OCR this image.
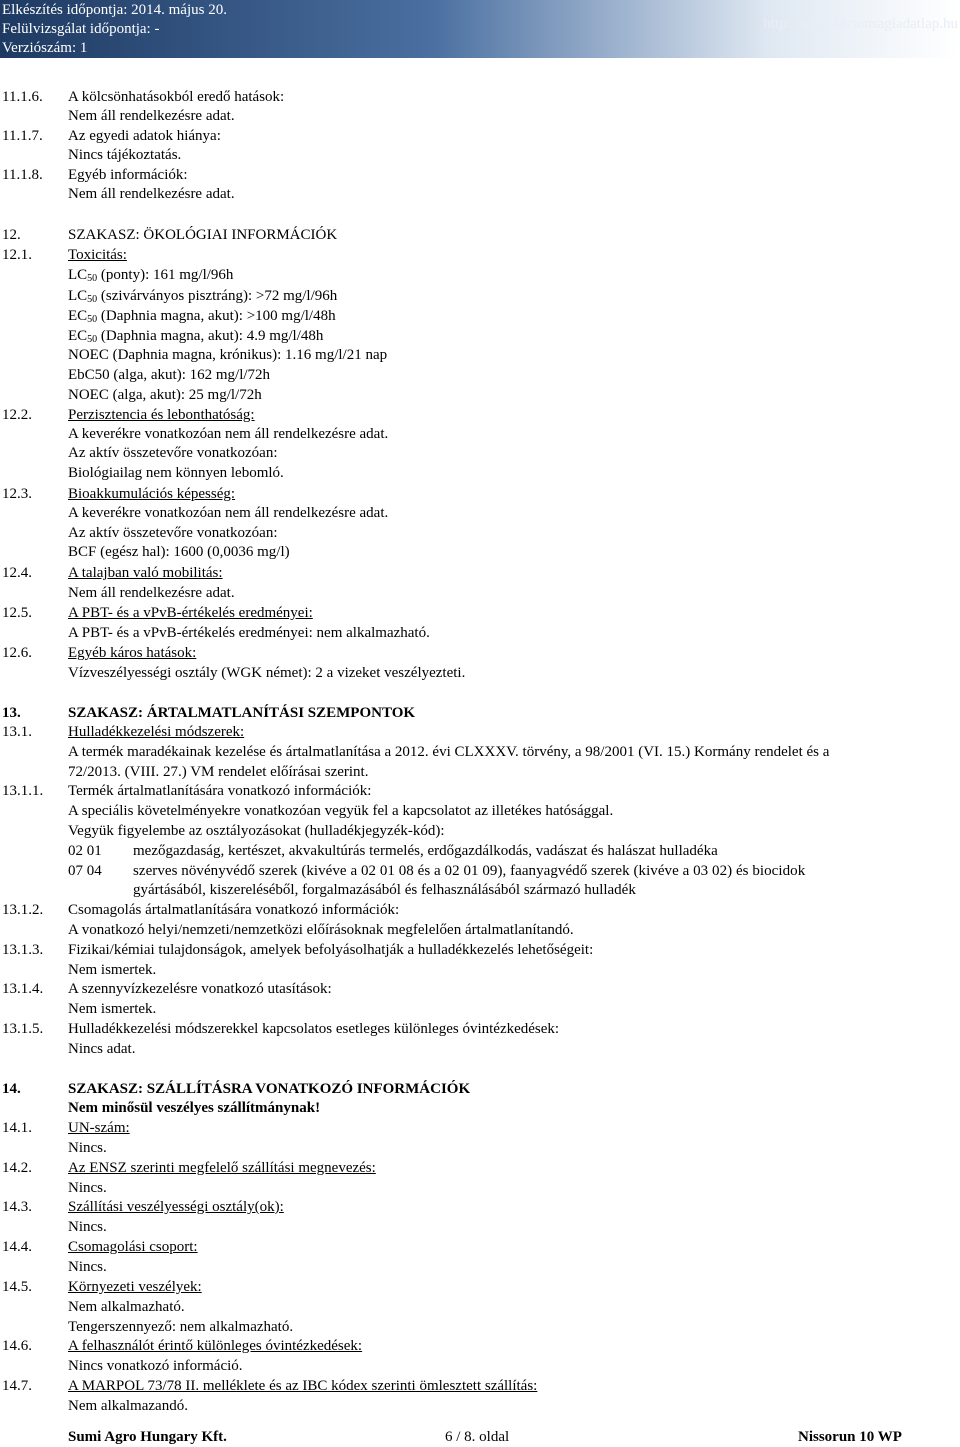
Elkészítés időpontja: 2014. május 20.
Felülvizsgálat időpontja: -
Verziószám: 1
http://www.biztonsagiadatlap.hu
11.1.6. A kölcsönhatásokból eredő hatások:
Nem áll rendelkezésre adat.
11.1.7. Az egyedi adatok hiánya:
Nincs tájékoztatás.
11.1.8. Egyéb információk:
Nem áll rendelkezésre adat.
12.	SZAKASZ: ÖKOLÓGIAI INFORMÁCIÓK
12.1. Toxicitás:
$LC_{50}$ (ponty): 161 mg/l/96h
$LC_{50}$ (szivárványos pisztráng): >72 mg/l/96h
$EC_{50}$ (Daphnia magna, akut): >100 mg/l/48h
$EC_{50}$ (Daphnia magna, akut): 4.9 mg/l/48h
NOEC (Daphnia magna, krónikus): 1.16 mg/l/21 nap
EbC50 (alga, akut): 162 mg/l/72h
NOEC (alga, akut): 25 mg/l/72h
12.2. Perzisztencia és lebonthatóság:
A keverékre vonatkozóan nem áll rendelkezésre adat.
Az aktív összetevőre vonatkozóan:
Biológiailag nem könnyen lebomló.
12.3. Bioakkumulációs képesség:
A keverékre vonatkozóan nem áll rendelkezésre adat.
Az aktív összetevőre vonatkozóan:
BCF (egész hal): 1600 (0,0036 mg/l)
12.4. A talajban való mobilitás:
Nem áll rendelkezésre adat.
12.5. A PBT- és a vPvB-értékelés eredményei:
A PBT- és a vPvB-értékelés eredményei: nem alkalmazható.
12.6. Egyéb káros hatások:
Vízveszélyességi osztály (WGK német): 2 a vizeket veszélyezteti.
13.	SZAKASZ: ÁRTALMATLANÍTÁSI SZEMPONTOK
13.1. Hulladékkezelési módszerek:
A termék maradékainak kezelése és ártalmatlanítása a 2012. évi CLXXXV. törvény, a 98/2001 (VI. 15.) Kormány rendelet és a
72/2013. (VIII. 27.) VM rendelet előírásai szerint.
13.1.1. Termék ártalmatlanítására vonatkozó információk:
A speciális követelményekre vonatkozóan vegyük fel a kapcsolatot az illetékes hatósággal.
Vegyük figyelembe az osztályozásokat (hulladékjegyzék-kód):
02 01 mezőgazdaság, kertészet, akvakultúrás termelés, erdőgazdálkodás, vadászat és halászat hulladéka
07 04 szerves növényvédő szerek (kivéve a 02 01 08 és a 02 01 09), faanyagvédő szerek (kivéve a 03 02) és biocidok
gyártásából, kiszereléséből, forgalmazásából és felhasználásából származó hulladék
13.1.2. Csomagolás ártalmatlanítására vonatkozó információk:
A vonatkozó helyi/nemzeti/nemzetközi előírásoknak megfelelően ártalmatlanítandó.
13.1.3. Fizikai/kémiai tulajdonságok, amelyek befolyásolhatják a hulladékkezelés lehetőségeit:
Nem ismertek.
13.1.4. A szennyvízkezelésre vonatkozó utasítások:
Nem ismertek.
13.1.5. Hulladékkezelési módszerekkel kapcsolatos esetleges különleges óvintézkedések:
Nincs adat.
14.	SZAKASZ: SZÁLLÍTÁSRA VONATKOZÓ INFORMÁCIÓK
Nem minősül veszélyes szállítmánynak!
14.1. UN-szám:
Nincs.
14.2. Az ENSZ szerinti megfelelő szállítási megnevezés:
Nincs.
14.3. Szállítási veszélyességi osztály(ok):
Nincs.
14.4. Csomagolási csoport:
Nincs.
14.5. Környezeti veszélyek:
Nem alkalmazható.
Tengerszennyező: nem alkalmazható.
14.6. A felhasználót érintő különleges óvintézkedések:
Nincs vonatkozó információ.
14.7. A MARPOL 73/78 II. melléklete és az IBC kódex szerinti ömlesztett szállítás:
Nem alkalmazandó.
Sumi Agro Hungary Kft.	6 / 8. oldal	Nissorun 10 WP
